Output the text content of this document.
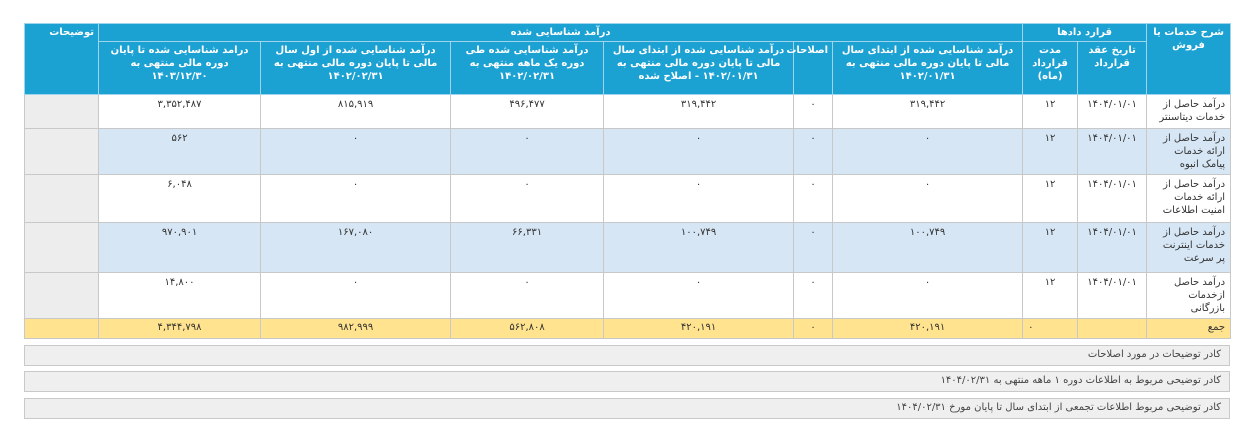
شرح خدمات یا فروش	قرارد دادها		درآمد شناسایی شده						توضیحات
	تاریخ عقد قرارداد	مدت قرارداد (ماه)	درآمد شناسایی شده از ابتدای سال مالی تا پایان دوره مالی منتهی به ۱۴۰۲/۰۱/۳۱	اصلاحات	درآمد شناسایی شده از ابتدای سال مالی تا پایان دوره مالی منتهی به ۱۴۰۲/۰۱/۳۱ - اصلاح شده	درآمد شناسایی شده طی دوره یک ماهه منتهی به ۱۴۰۲/۰۲/۳۱	درآمد شناسایی شده از اول سال مالی تا پایان دوره مالی منتهی به ۱۴۰۲/۰۲/۳۱	درامد شناسایی شده تا پایان دوره مالی منتهی به ۱۴۰۳/۱۲/۳۰	
درآمد حاصل از خدمات دیتاسنتر	۱۴۰۴/۰۱/۰۱	۱۲	۳۱۹,۴۴۲	۰	۳۱۹,۴۴۲	۴۹۶,۴۷۷	۸۱۵,۹۱۹	۳,۳۵۲,۴۸۷	
درآمد حاصل از ارائه خدمات پیامک انبوه	۱۴۰۴/۰۱/۰۱	۱۲	۰	۰	۰	۰	۰	۵۶۲	
درآمد حاصل از ارائه خدمات امنیت اطلاعات	۱۴۰۴/۰۱/۰۱	۱۲	۰	۰	۰	۰	۰	۶,۰۴۸	
درآمد حاصل از خدمات اینترنت پر سرعت	۱۴۰۴/۰۱/۰۱	۱۲	۱۰۰,۷۴۹	۰	۱۰۰,۷۴۹	۶۶,۳۳۱	۱۶۷,۰۸۰	۹۷۰,۹۰۱	
درآمد حاصل ازخدمات بازرگانی	۱۴۰۴/۰۱/۰۱	۱۲	۰	۰	۰	۰	۰	۱۴,۸۰۰	
جمع		۰	۴۲۰,۱۹۱	۰	۴۲۰,۱۹۱	۵۶۲,۸۰۸	۹۸۲,۹۹۹	۴,۳۴۴,۷۹۸	
کادر توضیحات در مورد اصلاحات
کادر توضیحی مربوط به اطلاعات دوره ۱ ماهه منتهی به ۱۴۰۴/۰۲/۳۱
کادر توضیحی مربوط اطلاعات تجمعی از ابتدای سال تا پایان مورخ ۱۴۰۴/۰۲/۳۱
